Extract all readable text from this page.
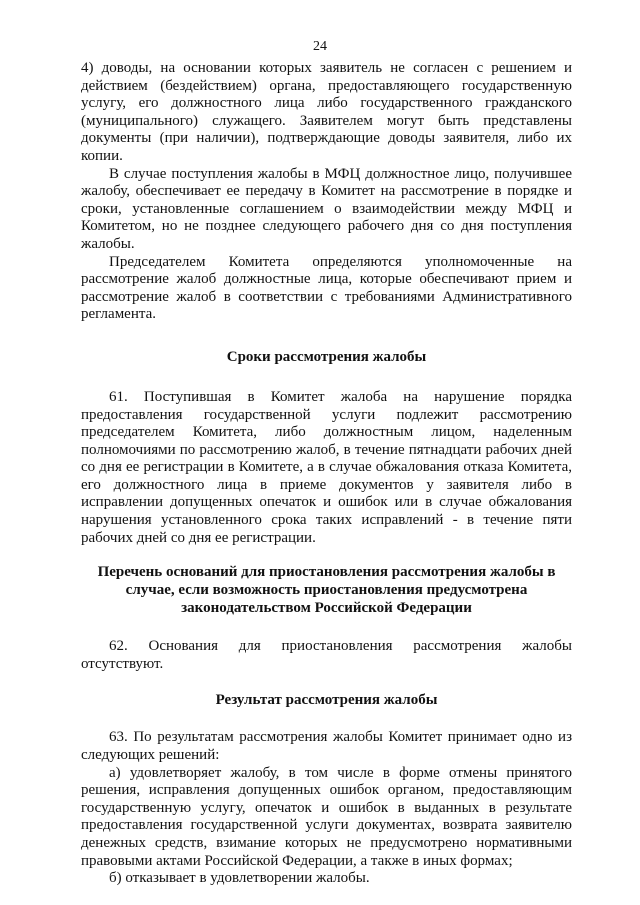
24

4) доводы, на основании которых заявитель не согласен с решением и действием (бездействием) органа, предоставляющего государственную услугу, его должностного лица либо государственного гражданского (муниципального) служащего. Заявителем могут быть представлены документы (при наличии), подтверждающие доводы заявителя, либо их копии.

В случае поступления жалобы в МФЦ должностное лицо, получившее жалобу, обеспечивает ее передачу в Комитет на рассмотрение в порядке и сроки, установленные соглашением о взаимодействии между МФЦ и Комитетом, но не позднее следующего рабочего дня со дня поступления жалобы.

Председателем Комитета определяются уполномоченные на рассмотрение жалоб должностные лица, которые обеспечивают прием и рассмотрение жалоб в соответствии с требованиями Административного регламента.

Сроки рассмотрения жалобы

61. Поступившая в Комитет жалоба на нарушение порядка предоставления государственной услуги подлежит рассмотрению председателем Комитета, либо должностным лицом, наделенным полномочиями по рассмотрению жалоб, в течение пятнадцати рабочих дней со дня ее регистрации в Комитете, а в случае обжалования отказа Комитета, его должностного лица в приеме документов у заявителя либо в исправлении допущенных опечаток и ошибок или в случае обжалования нарушения установленного срока таких исправлений - в течение пяти рабочих дней со дня ее регистрации.

Перечень оснований для приостановления рассмотрения жалобы в
случае, если возможность приостановления предусмотрена
законодательством Российской Федерации

62. Основания для приостановления рассмотрения жалобы отсутствуют.

Результат рассмотрения жалобы

63. По результатам рассмотрения жалобы Комитет принимает одно из следующих решений:

а) удовлетворяет жалобу, в том числе в форме отмены принятого решения, исправления допущенных ошибок органом, предоставляющим государственную услугу, опечаток и ошибок в выданных в результате предоставления государственной услуги документах, возврата заявителю денежных средств, взимание которых не предусмотрено нормативными правовыми актами Российской Федерации, а также в иных формах;

б) отказывает в удовлетворении жалобы.
